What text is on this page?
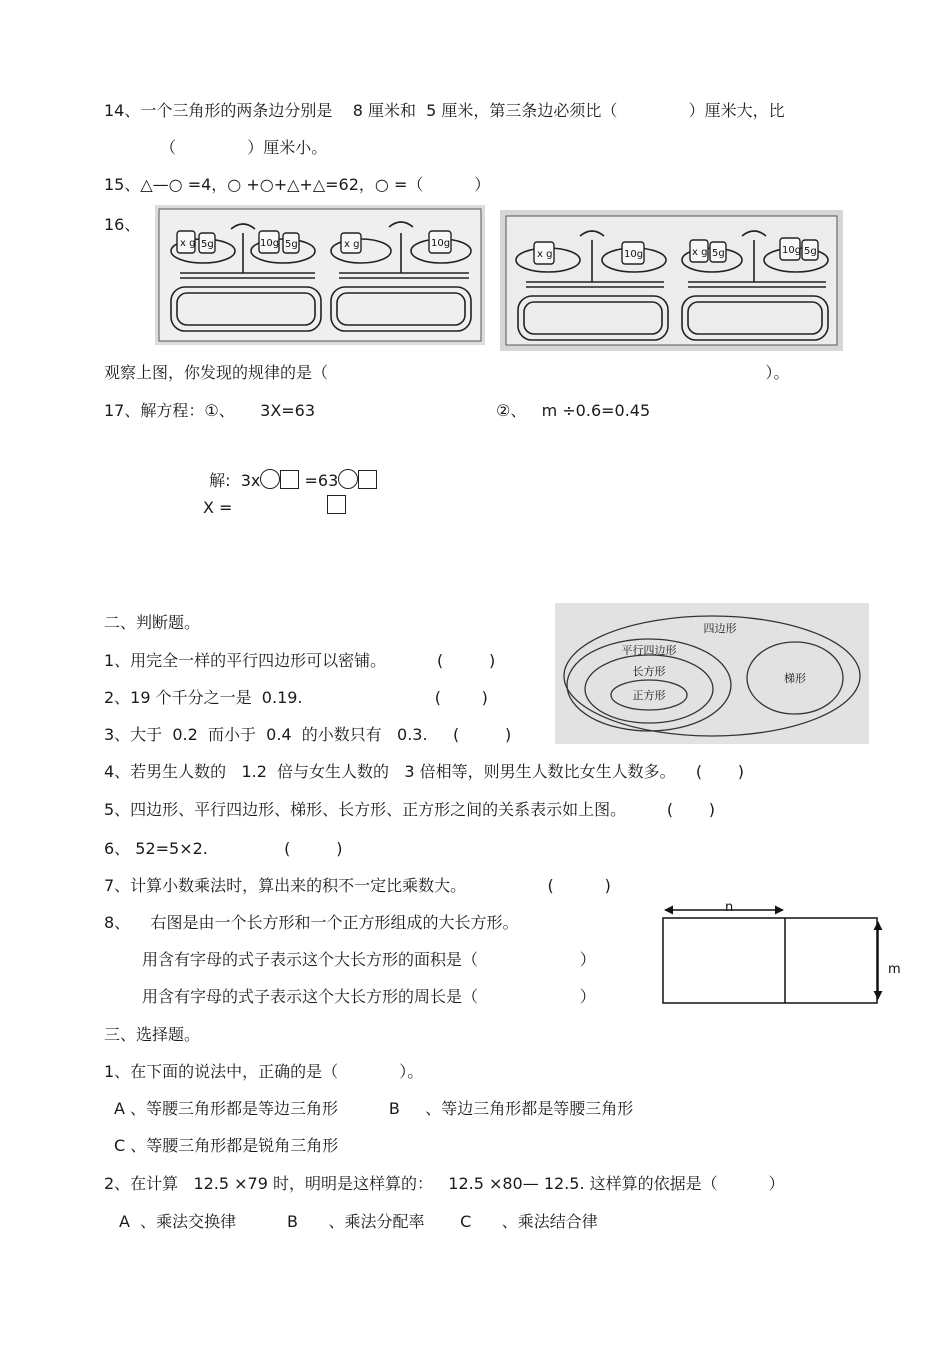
14、一个三角形的两条边分别是    8 厘米和  5 厘米，第三条边必须比（              ）厘米大，比
（              ）厘米小。
15、△—○ =4，○ +○+△+△=62，○ =（          ）
16、
x g 5g	10g 5g	x g	10g
x g	10g	x g 5g	10g 5g
观察上图，你发现的规律的是（                                                                                      ）。
17、解方程：①、     3X=63	②、   m ÷0.6=0.45

解:  3x =63

X =
二、判断题。	四边形
平行四边形
长方形
正方形
梯形
1、用完全一样的平行四边形可以密铺。          (         )
2、19 个千分之一是  0.19.                          (        )
3、大于  0.2  而小于  0.4  的小数只有   0.3.     (         )
4、若男生人数的   1.2  倍与女生人数的   3 倍相等，则男生人数比女生人数多。    (       )
5、四边形、平行四边形、梯形、长方形、正方形之间的关系表示如上图。        (       )
6、 52=5×2.               (         )
7、计算小数乘法时，算出来的积不一定比乘数大。                (          )
8、    右图是由一个长方形和一个正方形组成的大长方形。
用含有字母的式子表示这个大长方形的面积是（                    ）
用含有字母的式子表示这个大长方形的周长是（                    ）
n
m
三、选择题。
1、在下面的说法中，正确的是（            ）。
A 、等腰三角形都是等边三角形          B     、等边三角形都是等腰三角形
C 、等腰三角形都是锐角三角形
2、在计算   12.5 ×79 时，明明是这样算的：   12.5 ×80— 12.5. 这样算的依据是（          ）
A  、乘法交换律          B      、乘法分配率       C      、乘法结合律
